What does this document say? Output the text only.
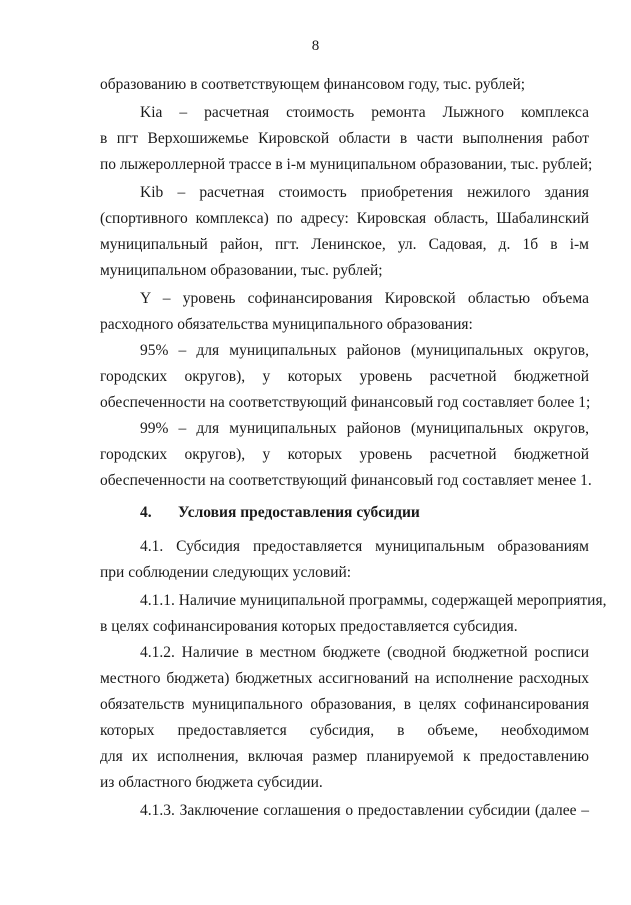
8
образованию в соответствующем финансовом году, тыс. рублей;
Kia – расчетная стоимость ремонта Лыжного комплекса
в пгт Верхошижемье Кировской области в части выполнения работ
по лыжероллерной трассе в i-м муниципальном образовании, тыс. рублей;
Kib – расчетная стоимость приобретения нежилого здания
(спортивного комплекса) по адресу: Кировская область, Шабалинский
муниципальный район, пгт. Ленинское, ул. Садовая, д. 1б в i-м
муниципальном образовании, тыс. рублей;
Y – уровень софинансирования Кировской областью объема
расходного обязательства муниципального образования:
95% – для муниципальных районов (муниципальных округов,
городских округов), у которых уровень расчетной бюджетной
обеспеченности на соответствующий финансовый год составляет более 1;
99% – для муниципальных районов (муниципальных округов,
городских округов), у которых уровень расчетной бюджетной
обеспеченности на соответствующий финансовый год составляет менее 1.
4. Условия предоставления субсидии
4.1. Субсидия предоставляется муниципальным образованиям
при соблюдении следующих условий:
4.1.1. Наличие муниципальной программы, содержащей мероприятия,
в целях софинансирования которых предоставляется субсидия.
4.1.2. Наличие в местном бюджете (сводной бюджетной росписи
местного бюджета) бюджетных ассигнований на исполнение расходных
обязательств муниципального образования, в целях софинансирования
которых предоставляется субсидия, в объеме, необходимом
для их исполнения, включая размер планируемой к предоставлению
из областного бюджета субсидии.
4.1.3. Заключение соглашения о предоставлении субсидии (далее –
